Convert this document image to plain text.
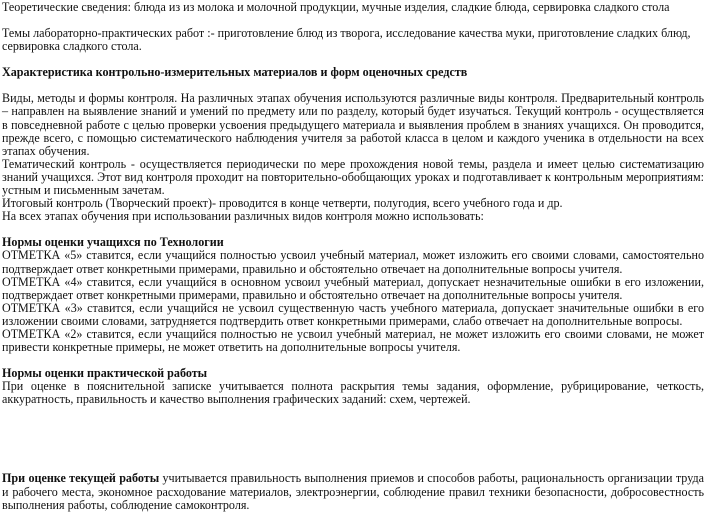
Теоретические сведения: блюда из из молока и молочной продукции, мучные изделия, сладкие блюда, сервировка сладкого стола

Темы лабораторно-практических работ :- приготовление блюд из творога, исследование качества муки, приготовление сладких блюд, сервировка сладкого стола.

Характеристика контрольно-измерительных материалов и форм оценочных средств

Виды, методы и формы контроля. На различных этапах обучения используются различные виды контроля. Предварительный контроль – направлен на выявление знаний и умений по предмету или по разделу, который будет изучаться. Текущий контроль - осуществляется в повседневной работе с целью проверки усвоения предыдущего материала и выявления проблем в знаниях учащихся. Он проводится, прежде всего, с помощью систематического наблюдения учителя за работой класса в целом и каждого ученика в отдельности на всех этапах обучения.

Тематический контроль - осуществляется периодически по мере прохождения новой темы, раздела и имеет целью систематизацию знаний учащихся. Этот вид контроля проходит на повторительно-обобщающих уроках и подготавливает к контрольным мероприятиям: устным и письменным зачетам.

Итоговый контроль (Творческий проект)- проводится в конце четверти, полугодия, всего учебного года и др.

На всех этапах обучения при использовании различных видов контроля можно использовать:

Нормы оценки учащихся по Технологии

ОТМЕТКА «5» ставится, если учащийся полностью усвоил учебный материал, может изложить его своими словами, самостоятельно подтверждает ответ конкретными примерами, правильно и обстоятельно отвечает на дополнительные вопросы учителя.

ОТМЕТКА «4» ставится, если учащийся в основном усвоил учебный материал, допускает незначительные ошибки в его изложении, подтверждает ответ конкретными примерами, правильно и обстоятельно отвечает на дополнительные вопросы учителя.

ОТМЕТКА «3» ставится, если учащийся не усвоил существенную часть учебного материала, допускает значительные ошибки в его изложении своими словами, затрудняется подтвердить ответ конкретными примерами, слабо отвечает на дополнительные вопросы.

ОТМЕТКА «2» ставится, если учащийся полностью не усвоил учебный материал, не может изложить его своими словами, не может привести конкретные примеры, не может ответить на дополнительные вопросы учителя.

Нормы оценки практической работы

При оценке в пояснительной записке учитывается полнота раскрытия темы задания, оформление, рубрицирование, четкость, аккуратность, правильность и качество выполнения графических заданий: схем, чертежей.

При оценке текущей работы учитывается правильность выполнения приемов и способов работы, рациональность организации труда и рабочего места, экономное расходование материалов, электроэнергии, соблюдение правил техники безопасности, добросовестность выполнения работы, соблюдение самоконтроля.
